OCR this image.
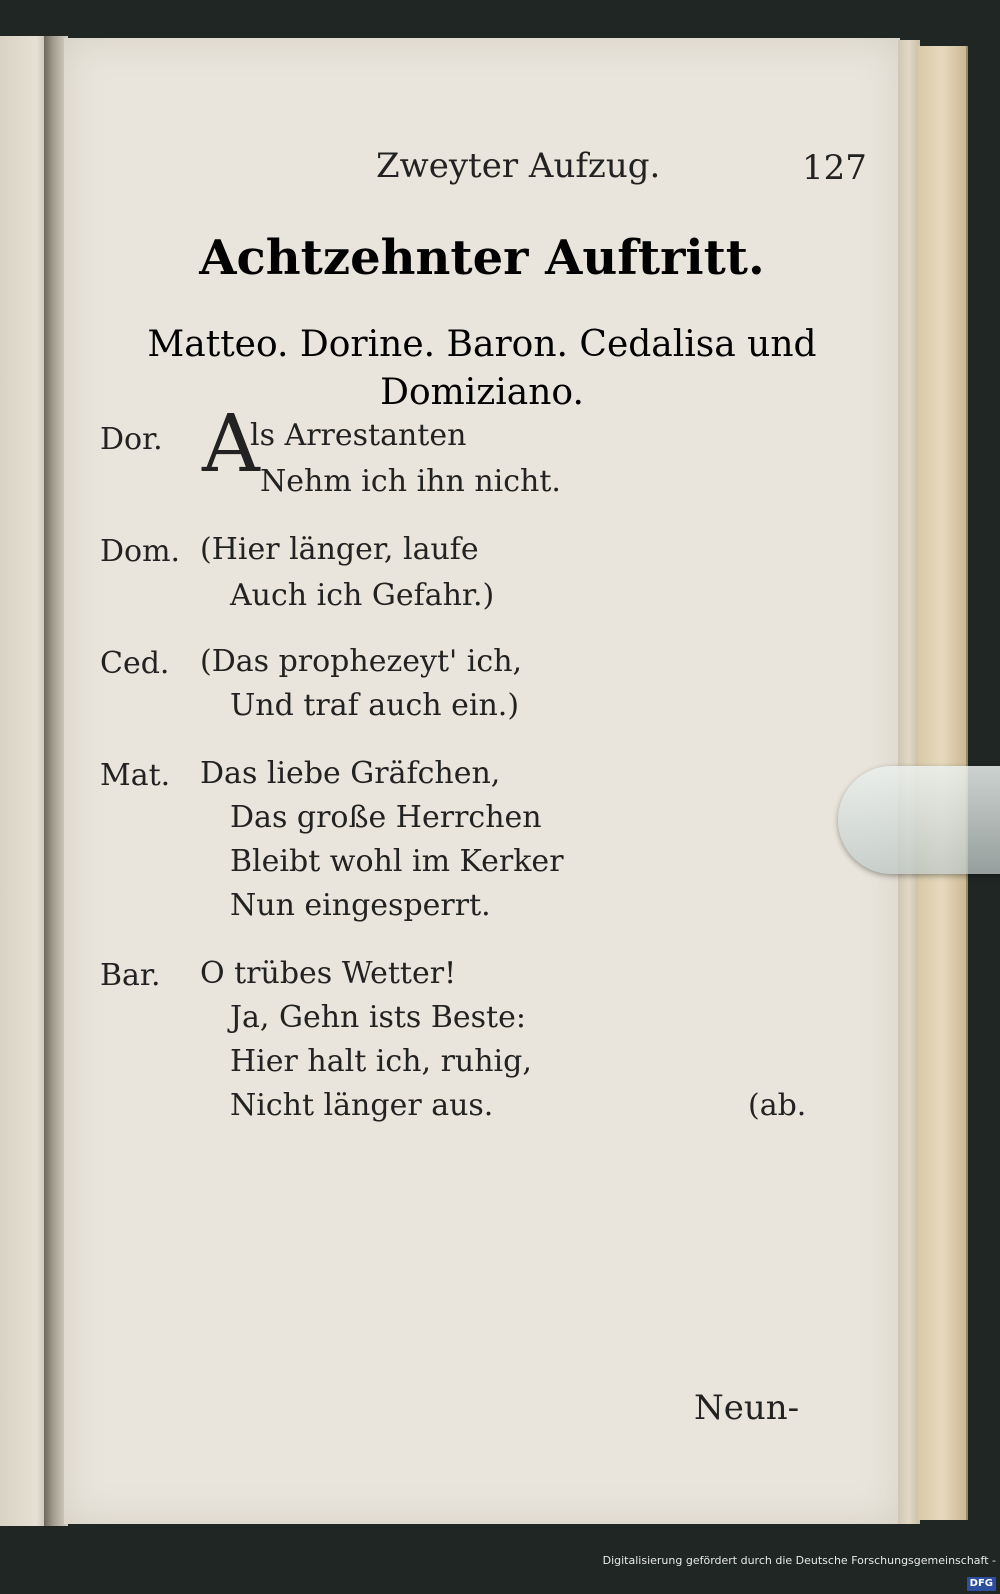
Zweyter Aufzug.	127
Achtzehnter Auftritt.
Matteo. Dorine. Baron. Cedalisa und
Domiziano.
Dor. A
ls Arrestanten
Nehm ich ihn nicht.
Dom. (Hier länger, laufe
Auch ich Gefahr.)
Ced. (Das prophezeyt' ich,
Und traf auch ein.)
Mat. Das liebe Gräfchen,
Das große Herrchen
Bleibt wohl im Kerker
Nun eingesperrt.
Bar. O trübes Wetter!
Ja, Gehn ists Beste:
Hier halt ich, ruhig,
Nicht länger aus.	(ab.
Neun-
Digitalisierung gefördert durch die Deutsche Forschungsgemeinschaft -DFG
